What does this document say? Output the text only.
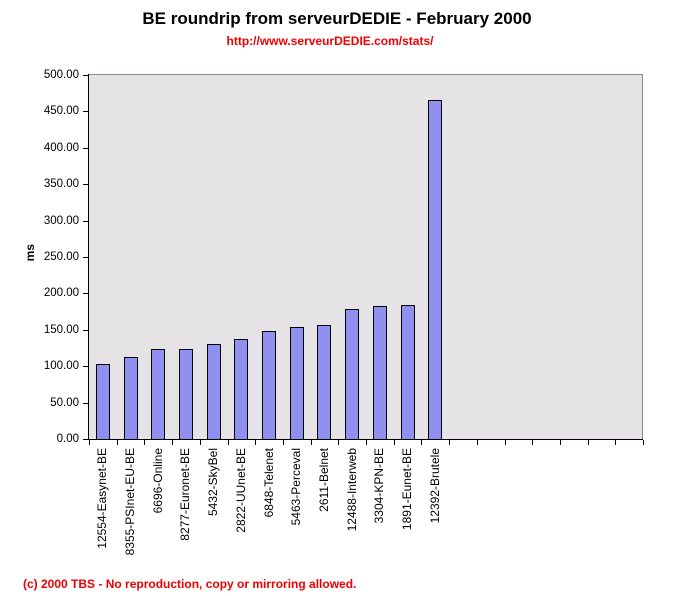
BE roundrip from serveurDEDIE - February 2000
http://www.serveurDEDIE.com/stats/
ms
(c) 2000 TBS - No reproduction, copy or mirroring allowed.
0.00
50.00
100.00
150.00
200.00
250.00
300.00
350.00
400.00
450.00
500.00
12554-Easynet-BE 8355-PSInet-EU-BE 6696-Online 8277-Euronet-BE 5432-SkyBel 2822-UUnet-BE 6848-Telenet 5463-Perceval 2611-Belnet 12488-Interweb 3304-KPN-BE 1891-Eunet-BE 12392-Brutele
